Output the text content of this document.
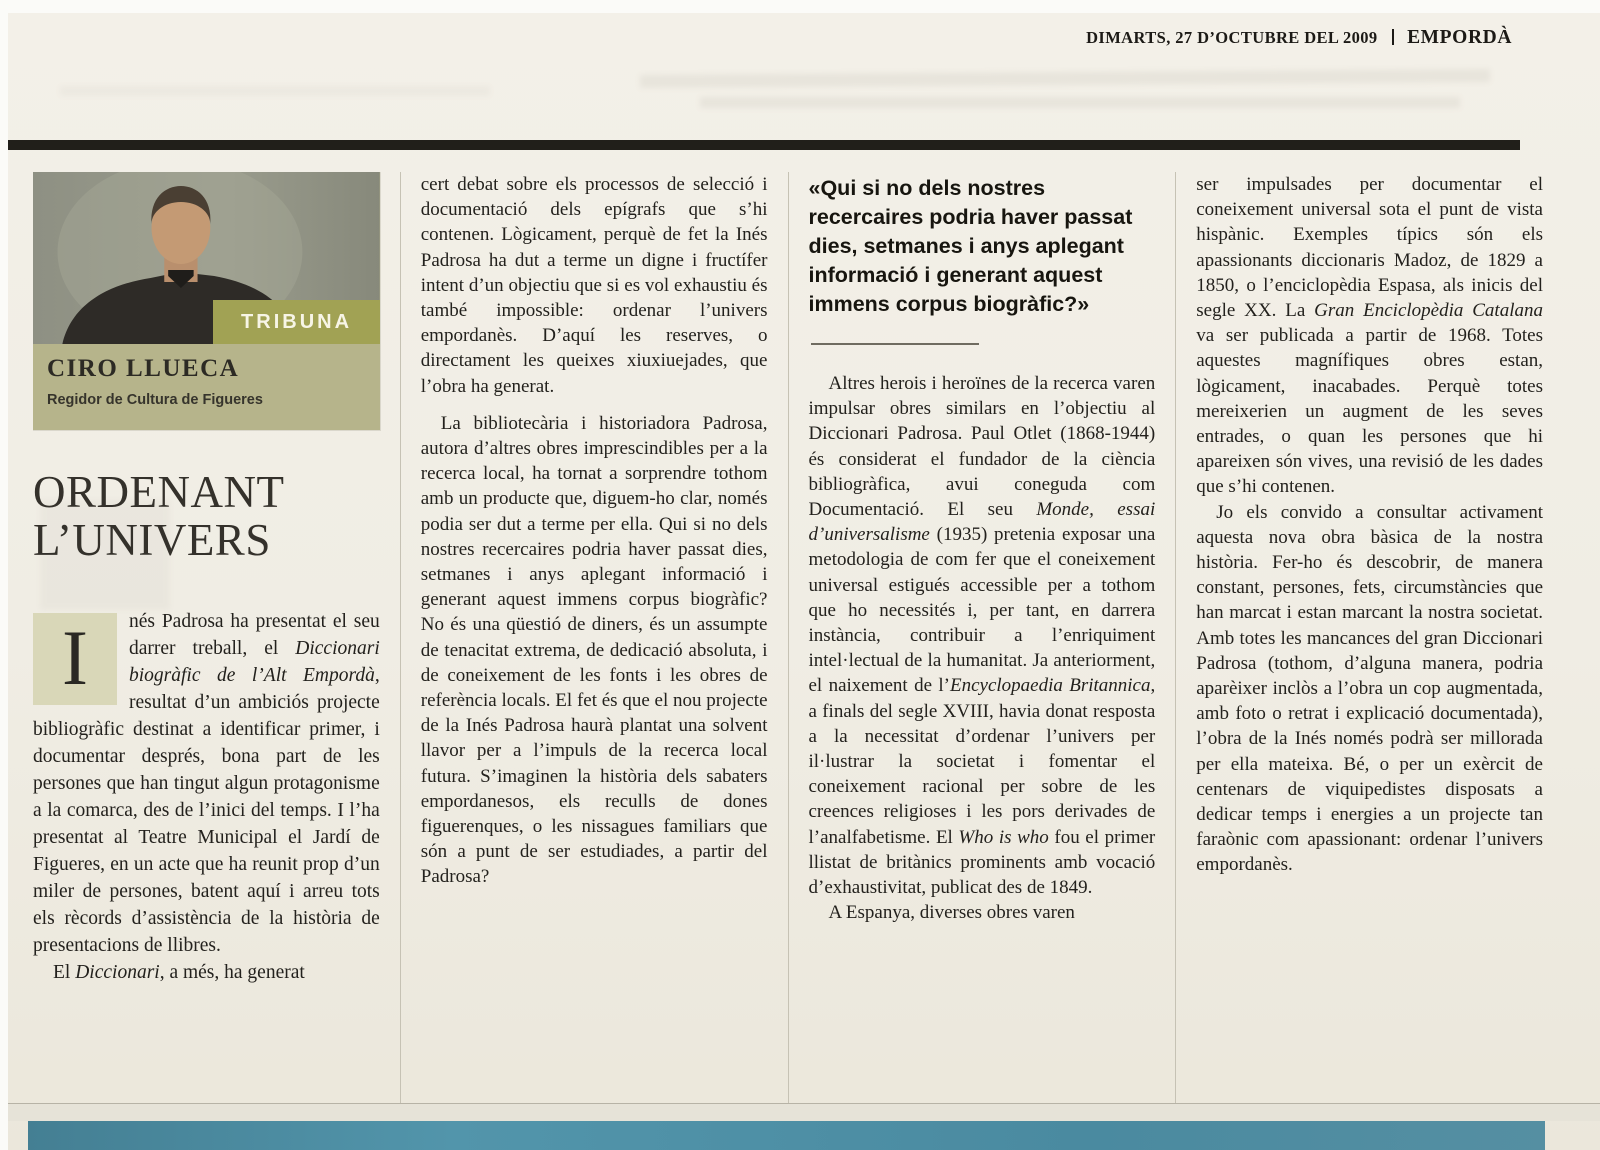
DIMARTS, 27 D’OCTUBRE DEL 2009 EMPORDÀ
TRIBUNA
CIRO LLUECA
Regidor de Cultura de Figueres
ORDENANT L’UNIVERS

I	nés Padrosa ha presentat el seu darrer treball, el Diccionari biogràfic de l’Alt Empordà, resultat d’un ambiciós projecte bibliogràfic destinat a identificar primer, i documentar després, bona part de les persones que han tingut algun protagonisme a la comarca, des de l’inici del temps. I l’ha presentat al Teatre Municipal el Jardí de Figueres, en un acte que ha reunit prop d’un miler de persones, batent aquí i arreu tots els rècords d’assistència de la història de presentacions de llibres.

El Diccionari, a més, ha generat

cert debat sobre els processos de selecció i documentació dels epígrafs que s’hi contenen. Lògicament, perquè de fet la Inés Padrosa ha dut a terme un digne i fructífer intent d’un objectiu que si es vol exhaustiu és també impossible: ordenar l’univers empordanès. D’aquí les reserves, o directament les queixes xiuxiuejades, que l’obra ha generat.

La bibliotecària i historiadora Padrosa, autora d’altres obres imprescindibles per a la recerca local, ha tornat a sorprendre tothom amb un producte que, diguem-ho clar, només podia ser dut a terme per ella. Qui si no dels nostres recercaires podria haver passat dies, setmanes i anys aplegant informació i generant aquest immens corpus biogràfic? No és una qüestió de diners, és un assumpte de tenacitat extrema, de dedicació absoluta, i de coneixement de les fonts i les obres de referència locals. El fet és que el nou projecte de la Inés Padrosa haurà plantat una solvent llavor per a l’impuls de la recerca local futura. S’imaginen la història dels sabaters empordanesos, els reculls de dones figuerenques, o les nissagues familiars que són a punt de ser estudiades, a partir del Padrosa?

«Qui si no dels nostres recercaires podria haver passat dies, setmanes i anys aplegant informació i generant aquest immens corpus biogràfic?»

Altres herois i heroïnes de la recerca varen impulsar obres similars en l’objectiu al Diccionari Padrosa. Paul Otlet (1868-1944) és considerat el fundador de la ciència bibliogràfica, avui coneguda com Documentació. El seu Monde, essai d’universalisme (1935) pretenia exposar una metodologia de com fer que el coneixement universal estigués accessible per a tothom que ho necessités i, per tant, en darrera instància, contribuir a l’enriquiment intel·lectual de la humanitat. Ja anteriorment, el naixement de l’Encyclopaedia Britannica, a finals del segle XVIII, havia donat resposta a la necessitat d’ordenar l’univers per il·lustrar la societat i fomentar el coneixement racional per sobre de les creences religioses i les pors derivades de l’analfabetisme. El Who is who fou el primer llistat de britànics prominents amb vocació d’exhaustivitat, publicat des de 1849.

A Espanya, diverses obres varen

ser impulsades per documentar el coneixement universal sota el punt de vista hispànic. Exemples típics són els apassionants diccionaris Madoz, de 1829 a 1850, o l’enciclopèdia Espasa, als inicis del segle XX. La Gran Enciclopèdia Catalana va ser publicada a partir de 1968. Totes aquestes magnífiques obres estan, lògicament, inacabades. Perquè totes mereixerien un augment de les seves entrades, o quan les persones que hi apareixen són vives, una revisió de les dades que s’hi contenen.

Jo els convido a consultar activament aquesta nova obra bàsica de la nostra història. Fer-ho és descobrir, de manera constant, persones, fets, circumstàncies que han marcat i estan marcant la nostra societat. Amb totes les mancances del gran Diccionari Padrosa (tothom, d’alguna manera, podria aparèixer inclòs a l’obra un cop augmentada, amb foto o retrat i explicació documentada), l’obra de la Inés només podrà ser millorada per ella mateixa. Bé, o per un exèrcit de centenars de viquipedistes disposats a dedicar temps i energies a un projecte tan faraònic com apassionant: ordenar l’univers empordanès.
